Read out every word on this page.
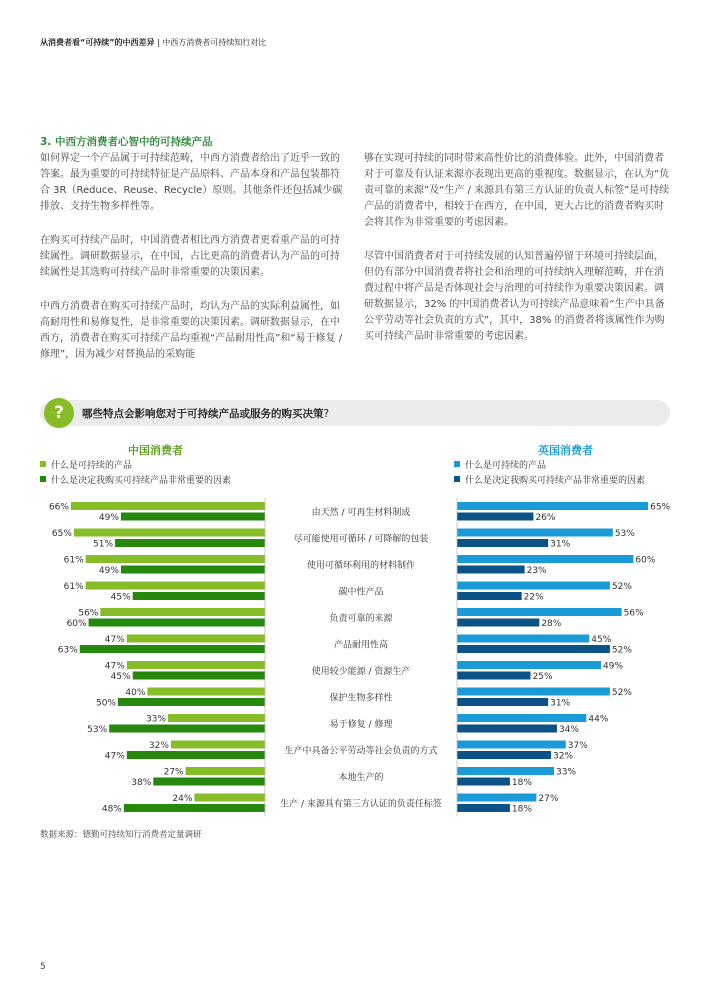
从消费者看“可持续”的中西差异 | 中西方消费者可持续知行对比
3. 中西方消费者心智中的可持续产品

如何界定一个产品属于可持续范畴，中西方消费者给出了近乎一致的答案。最为重要的可持续特征是产品原料、产品本身和产品包装都符合 3R（Reduce、Reuse、Recycle）原则。其他条件还包括减少碳排放、支持生物多样性等。

在购买可持续产品时，中国消费者相比西方消费者更看重产品的可持续属性。调研数据显示，在中国，占比更高的消费者认为产品的可持续属性是其选购可持续产品时非常重要的决策因素。

中西方消费者在购买可持续产品时，均认为产品的实际利益属性，如高耐用性和易修复性，是非常重要的决策因素。调研数据显示，在中西方，消费者在购买可持续产品均重视“产品耐用性高”和“易于修复 / 修理”，因为减少对替换品的采购能

够在实现可持续的同时带来高性价比的消费体验。此外，中国消费者对于可靠及有认证来源亦表现出更高的重视度。数据显示，在认为“负责可靠的来源”及“生产 / 来源具有第三方认证的负责人标签”是可持续产品的消费者中，相较于在西方，在中国，更大占比的消费者购买时会将其作为非常重要的考虑因素。

尽管中国消费者对于可持续发展的认知普遍停留于环境可持续层面，但仍有部分中国消费者将社会和治理的可持续纳入理解范畴，并在消费过程中将产品是否体现社会与治理的可持续作为重要决策因素。调研数据显示，32% 的中国消费者认为可持续产品意味着“生产中具备公平劳动等社会负责的方式”，其中，38% 的消费者将该属性作为购买可持续产品时非常重要的考虑因素。

?	哪些特点会影响您对于可持续产品或服务的购买决策?
中国消费者	英国消费者
什么是可持续的产品
什么是决定我购买可持续产品非常重要的因素
什么是可持续的产品
什么是决定我购买可持续产品非常重要的因素
由天然 / 可再生材料制成
66%
49%
65%
26%
尽可能使用可循环 / 可降解的包装
65%
51%
53%
31%
使用可循环利用的材料制作
61%
49%
60%
23%
碳中性产品
61%
45%
52%
22%
负责可靠的来源
56%
60%
56%
28%
产品耐用性高
47%
63%
45%
52%
使用较少能源 / 资源生产
47%
45%
49%
25%
保护生物多样性
40%
50%
52%
31%
易于修复 / 修理
33%
53%
44%
34%
生产中具备公平劳动等社会负责的方式
32%
47%
37%
32%
本地生产的
27%
38%
33%
18%
生产 / 来源具有第三方认证的负责任标签
24%
48%
27%
18%
数据来源：德勤可持续知行消费者定量调研
5
